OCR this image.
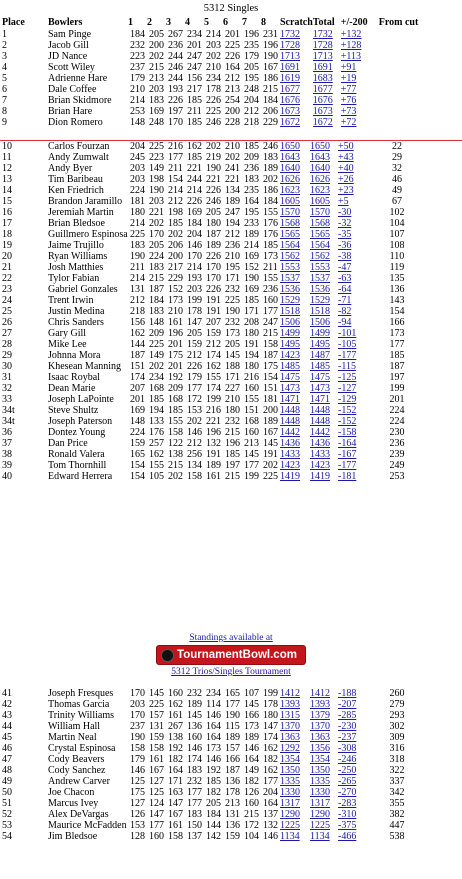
5312 Singles
Place	Bowlers	1	2	3	4	5	6	7	8	Scratch	Total	+/-200	From cut
1	Sam Pinge	184	205	267	234	214	201	196	231	1732	1732	+132	
2	Jacob Gill	232	200	236	201	203	225	235	196	1728	1728	+128	
3	JD Nance	223	202	244	247	202	226	179	190	1713	1713	+113	
4	Scott Wiley	237	215	246	247	210	164	205	167	1691	1691	+91	
5	Adrienne Hare	179	213	244	156	234	212	195	186	1619	1683	+19	
6	Dale Coffee	210	203	193	217	178	213	248	215	1677	1677	+77	
7	Brian Skidmore	214	183	226	185	226	254	204	184	1676	1676	+76	
8	Brian Hare	253	169	197	211	225	200	212	206	1673	1673	+73	
9	Dion Romero	148	248	170	185	246	228	218	229	1672	1672	+72	
10	Carlos Fourzan	204	225	216	162	202	210	185	246	1650	1650	+50	22
11	Andy Zumwalt	245	223	177	185	219	202	209	183	1643	1643	+43	29
12	Andy Byer	203	149	211	221	190	241	236	189	1640	1640	+40	32
13	Tim Baribeau	203	198	154	244	221	221	183	202	1626	1626	+26	46
14	Ken Friedrich	224	190	214	214	226	134	235	186	1623	1623	+23	49
15	Brandon Jaramillo	181	203	212	226	246	189	164	184	1605	1605	+5	67
16	Jeremiah Martin	180	221	198	169	205	247	195	155	1570	1570	-30	102
17	Brian Bledsoe	214	202	185	184	180	194	233	176	1568	1568	-32	104
18	Guillmero Espinosa	225	170	202	204	187	212	189	176	1565	1565	-35	107
19	Jaime Trujillo	183	205	206	146	189	236	214	185	1564	1564	-36	108
20	Ryan Williams	190	224	200	170	226	210	169	173	1562	1562	-38	110
21	Josh Matthies	211	183	217	214	170	195	152	211	1553	1553	-47	119
22	Tylor Fabian	214	215	229	193	170	171	190	155	1537	1537	-63	135
23	Gabriel Gonzales	131	187	152	203	226	232	169	236	1536	1536	-64	136
24	Trent Irwin	212	184	173	199	191	225	185	160	1529	1529	-71	143
25	Justin Medina	218	183	210	178	191	190	171	177	1518	1518	-82	154
26	Chris Sanders	156	148	161	147	207	232	208	247	1506	1506	-94	166
27	Gary Gill	162	209	196	205	159	173	180	215	1499	1499	-101	173
28	Mike Lee	144	225	201	159	212	205	191	158	1495	1495	-105	177
29	Johnna Mora	187	149	175	212	174	145	194	187	1423	1487	-177	185
30	Khesean Manning	151	202	201	226	162	188	180	175	1485	1485	-115	187
31	Isaac Roybal	174	234	192	179	155	171	216	154	1475	1475	-125	197
32	Dean Marie	207	168	209	177	174	227	160	151	1473	1473	-127	199
33	Joseph LaPointe	201	185	168	172	199	210	155	181	1471	1471	-129	201
34t	Steve Shultz	169	194	185	153	216	180	151	200	1448	1448	-152	224
34t	Joseph Paterson	148	133	155	202	221	232	168	189	1448	1448	-152	224
36	Dontez Young	224	176	158	146	196	215	160	167	1442	1442	-158	230
37	Dan Price	159	257	122	212	132	196	213	145	1436	1436	-164	236
38	Ronald Valera	165	162	138	256	191	185	145	191	1433	1433	-167	239
39	Tom Thornhill	154	155	215	134	189	197	177	202	1423	1423	-177	249
40	Edward Herrera	154	105	202	158	161	215	199	225	1419	1419	-181	253
Standings available at
TournamentBowl.com
5312 Trios/Singles Tournament
41	Joseph Fresques	170	145	160	232	234	165	107	199	1412	1412	-188	260
42	Thomas Garcia	203	225	162	189	114	177	145	178	1393	1393	-207	279
43	Trinity Williams	170	157	161	145	146	190	166	180	1315	1379	-285	293
44	William Hall	237	131	267	136	164	115	173	147	1370	1370	-230	302
45	Martin Neal	190	159	138	160	164	189	189	174	1363	1363	-237	309
46	Crystal Espinosa	158	158	192	146	173	157	146	162	1292	1356	-308	316
47	Cody Beavers	179	161	182	174	146	166	164	182	1354	1354	-246	318
48	Cody Sanchez	146	167	164	183	192	187	149	162	1350	1350	-250	322
49	Andrew Carver	125	127	171	232	185	136	182	177	1335	1335	-265	337
50	Joe Chacon	175	125	163	177	182	178	126	204	1330	1330	-270	342
51	Marcus Ivey	127	124	147	177	205	213	160	164	1317	1317	-283	355
52	Alex DeVargas	126	147	167	183	184	131	215	137	1290	1290	-310	382
53	Maurice McFadden	153	177	161	150	144	136	172	132	1225	1225	-375	447
54	Jim Bledsoe	128	160	158	137	142	159	104	146	1134	1134	-466	538
